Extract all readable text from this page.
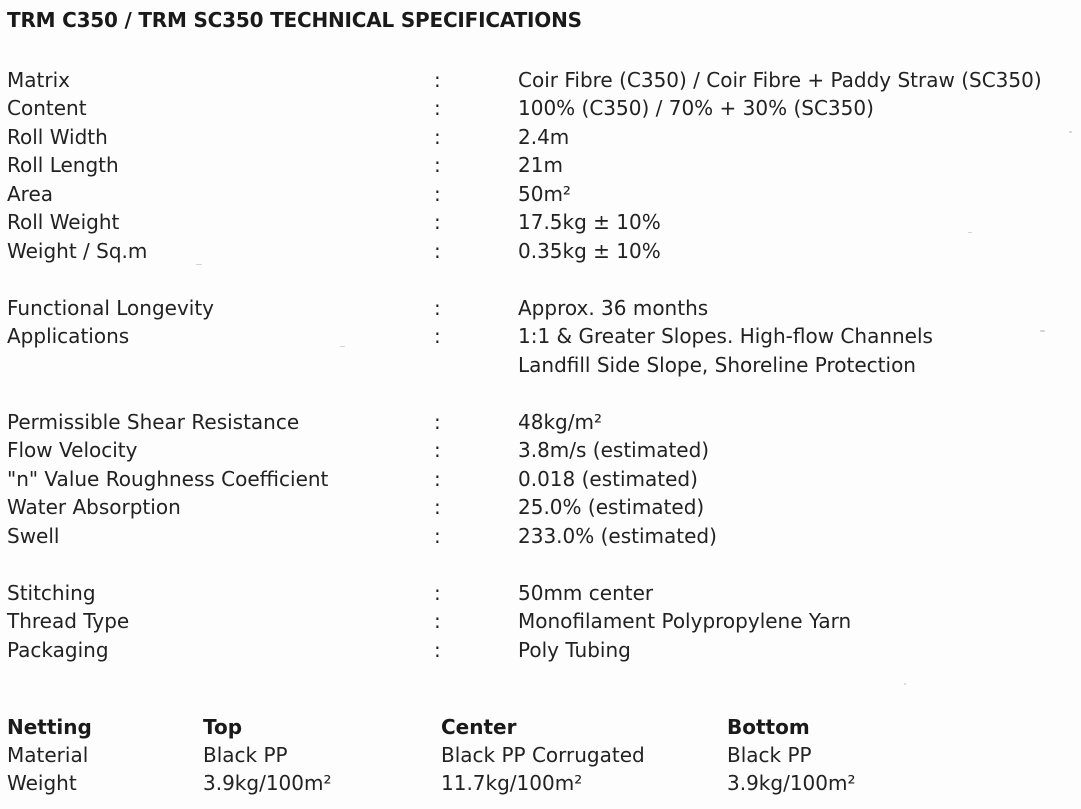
TRM C350 / TRM SC350 TECHNICAL SPECIFICATIONS
Matrix	:	Coir Fibre (C350) / Coir Fibre + Paddy Straw (SC350)
Content	:	100% (C350) / 70% + 30% (SC350)
Roll Width	:	2.4m
Roll Length	:	21m
Area	:	50m²
Roll Weight	:	17.5kg ± 10%
Weight / Sq.m	:	0.35kg ± 10%
Functional Longevity	:	Approx. 36 months
Applications	:	1:1 & Greater Slopes. High-flow Channels
Landfill Side Slope, Shoreline Protection
Permissible Shear Resistance	:	48kg/m²
Flow Velocity	:	3.8m/s (estimated)
"n" Value Roughness Coefficient	:	0.018 (estimated)
Water Absorption	:	25.0% (estimated)
Swell	:	233.0% (estimated)
Stitching	:	50mm center
Thread Type	:	Monofilament Polypropylene Yarn
Packaging	:	Poly Tubing
Netting	Top	Center	Bottom
Material	Black PP	Black PP Corrugated	Black PP
Weight	3.9kg/100m²	11.7kg/100m²	3.9kg/100m²
